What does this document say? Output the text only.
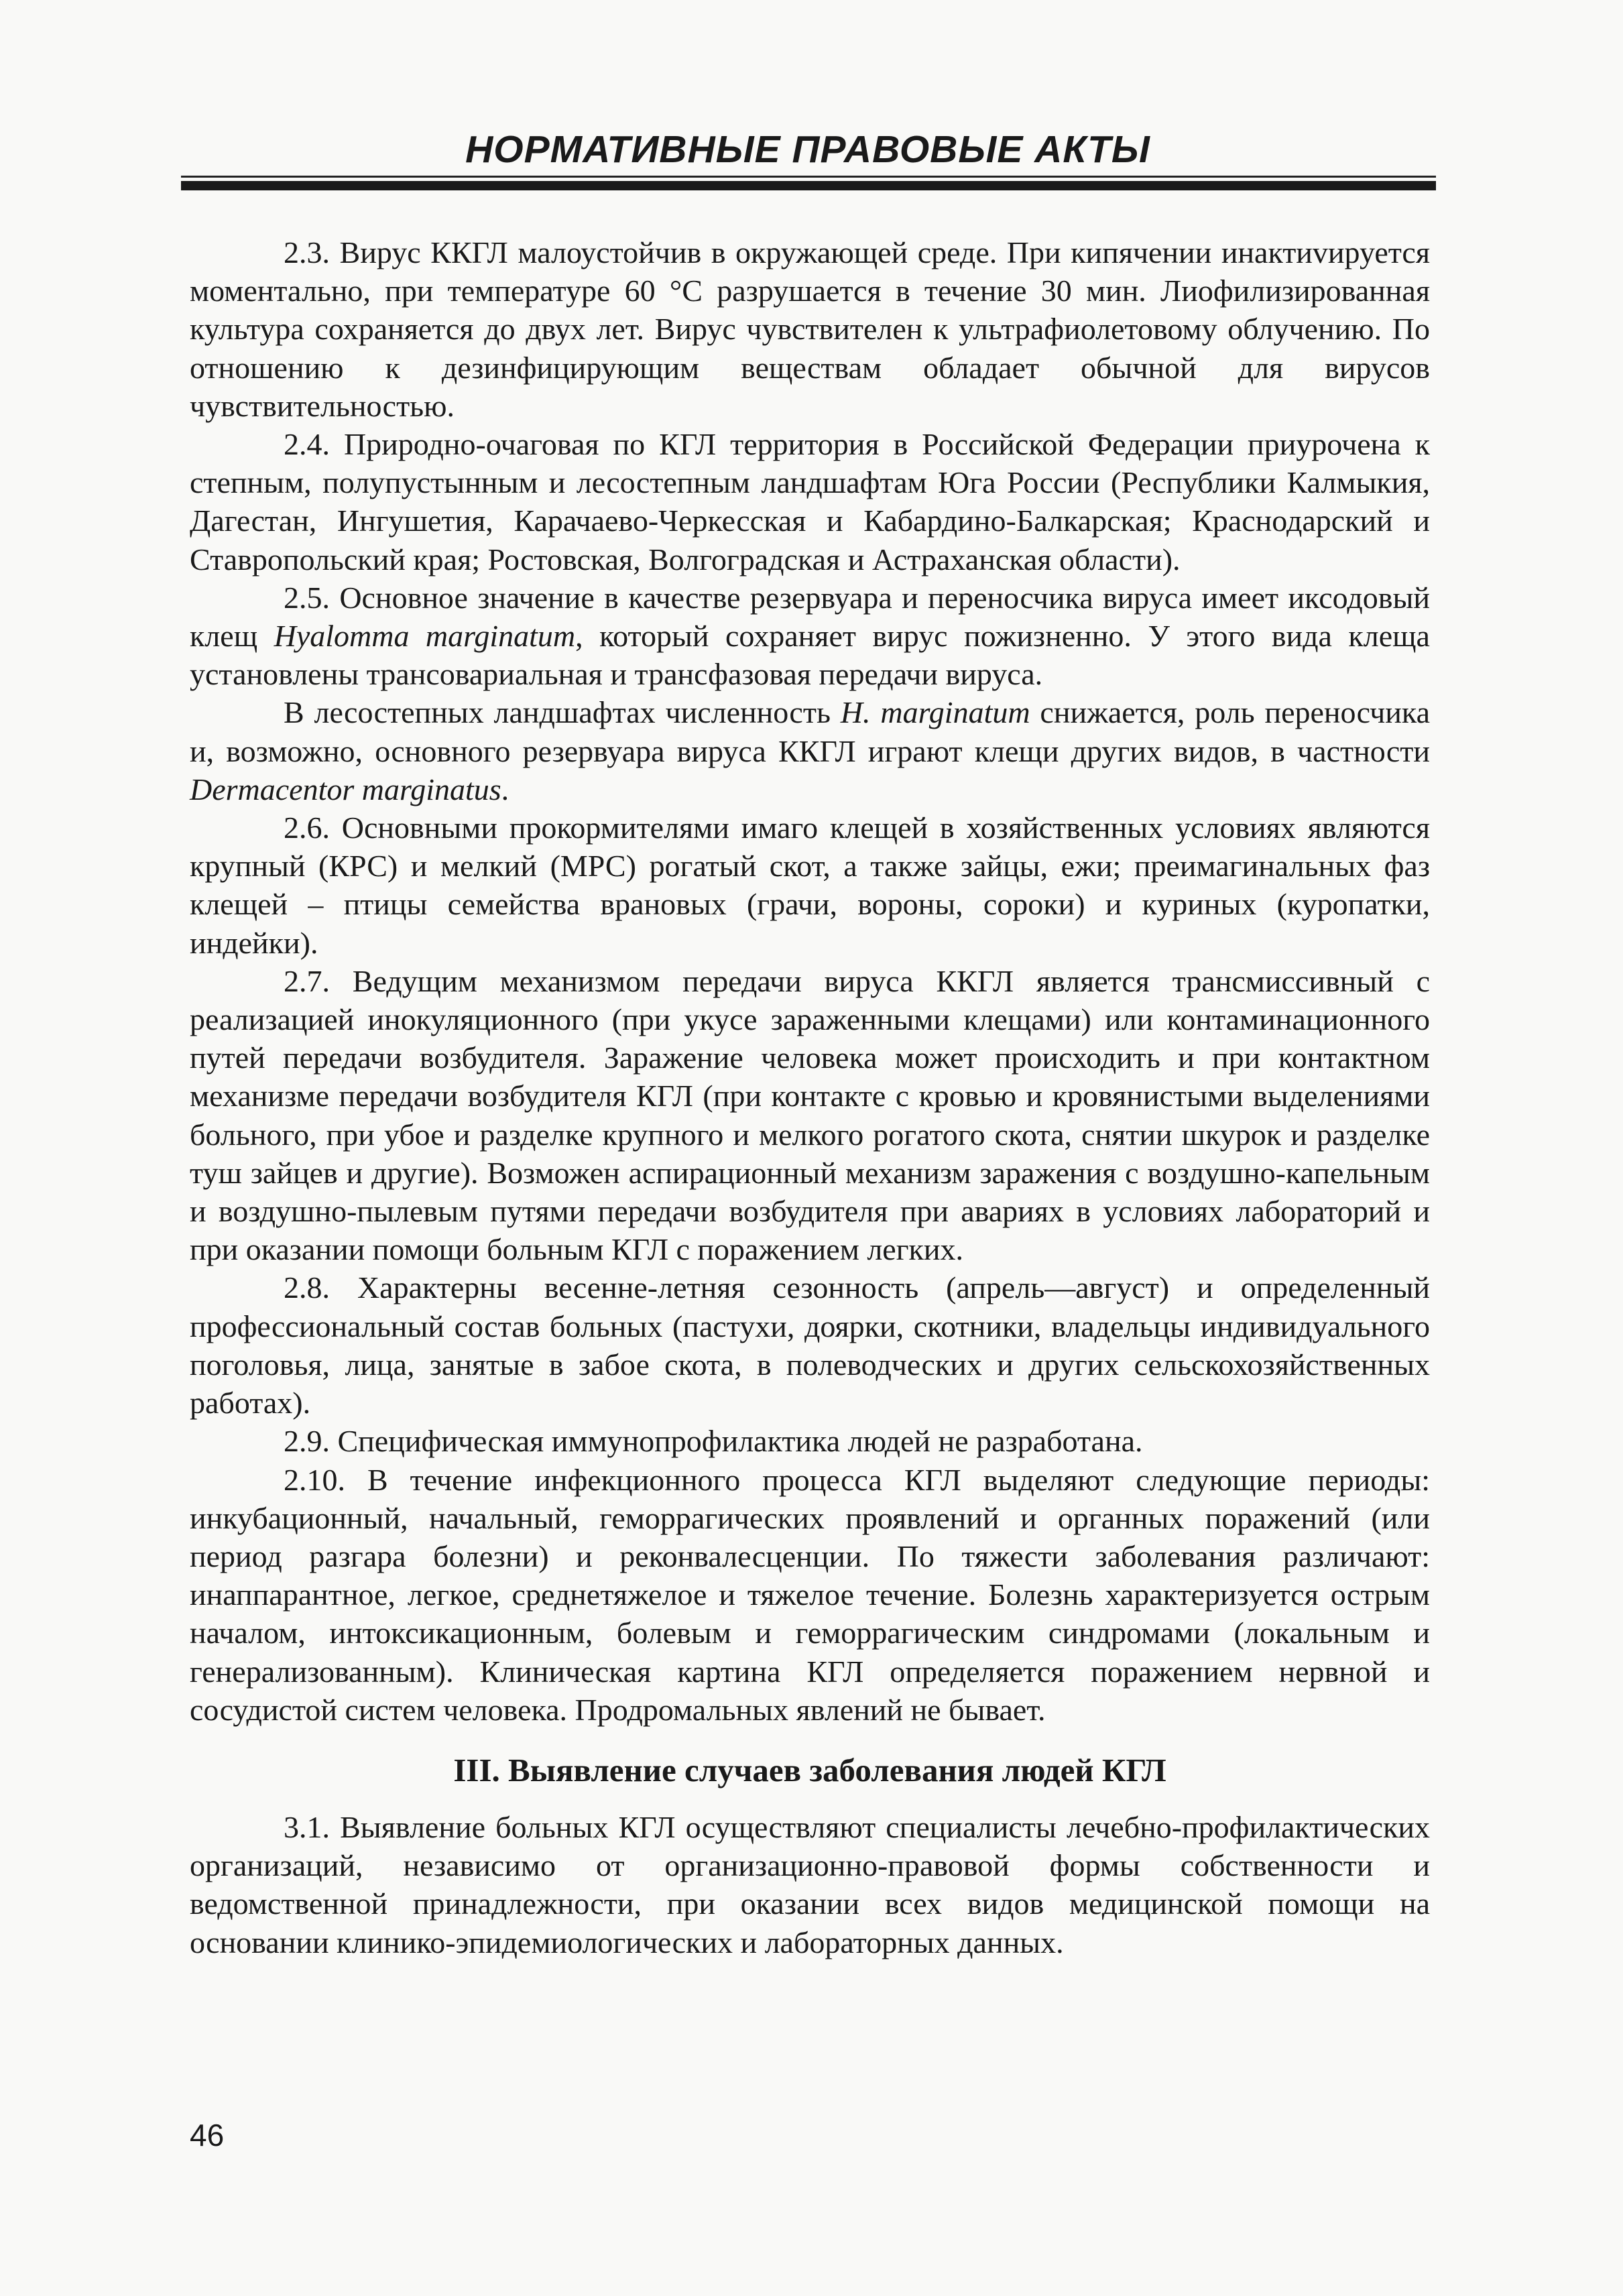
НОРМАТИВНЫЕ ПРАВОВЫЕ АКТЫ

2.3. Вирус ККГЛ малоустойчив в окружающей среде. При кипячении инактиvируется моментально, при температуре 60 °С разрушается в течение 30 мин. Лиофилизированная культура сохраняется до двух лет. Вирус чувствителен к ультрафиолетовому облучению. По отношению к дезинфицирующим веществам обладает обычной для вирусов чувствительностью.

2.4. Природно-очаговая по КГЛ территория в Российской Федерации приурочена к степным, полупустынным и лесостепным ландшафтам Юга России (Республики Калмыкия, Дагестан, Ингушетия, Карачаево-Черкесская и Кабардино-Балкарская; Краснодарский и Ставропольский края; Ростовская, Волгоградская и Астраханская области).

2.5. Основное значение в качестве резервуара и переносчика вируса имеет иксодовый клещ Hyalomma marginatum, который сохраняет вирус пожизненно. У этого вида клеща установлены трансовариальная и трансфазовая передачи вируса.

В лесостепных ландшафтах численность H. marginatum снижается, роль переносчика и, возможно, основного резервуара вируса ККГЛ играют клещи других видов, в частности Dermacentor marginatus.

2.6. Основными прокормителями имаго клещей в хозяйственных условиях являются крупный (КРС) и мелкий (МРС) рогатый скот, а также зайцы, ежи; преимагинальных фаз клещей – птицы семейства врановых (грачи, вороны, сороки) и куриных (куропатки, индейки).

2.7. Ведущим механизмом передачи вируса ККГЛ является трансмиссивный с реализацией инокуляционного (при укусе зараженными клещами) или контаминационного путей передачи возбудителя. Заражение человека может происходить и при контактном механизме передачи возбудителя КГЛ (при контакте с кровью и кровянистыми выделениями больного, при убое и разделке крупного и мелкого рогатого скота, снятии шкурок и разделке туш зайцев и другие). Возможен аспирационный механизм заражения с воздушно-капельным и воздушно-пылевым путями передачи возбудителя при авариях в условиях лабораторий и при оказании помощи больным КГЛ с поражением легких.

2.8. Характерны весенне-летняя сезонность (апрель—август) и определенный профессиональный состав больных (пастухи, доярки, скотники, владельцы индивидуального поголовья, лица, занятые в забое скота, в полеводческих и других сельскохозяйственных работах).

2.9. Специфическая иммунопрофилактика людей не разработана.

2.10. В течение инфекционного процесса КГЛ выделяют следующие периоды: инкубационный, начальный, геморрагических проявлений и органных поражений (или период разгара болезни) и реконвалесценции. По тяжести заболевания различают: инаппарантное, легкое, среднетяжелое и тяжелое течение. Болезнь характеризуется острым началом, интоксикационным, болевым и геморрагическим синдромами (локальным и генерализованным). Клиническая картина КГЛ определяется поражением нервной и сосудистой систем человека. Продромальных явлений не бывает.

III. Выявление случаев заболевания людей КГЛ

3.1. Выявление больных КГЛ осуществляют специалисты лечебно-профилактических организаций, независимо от организационно-правовой формы собственности и ведомственной принадлежности, при оказании всех видов медицинской помощи на основании клинико-эпидемиологических и лабораторных данных.

46
